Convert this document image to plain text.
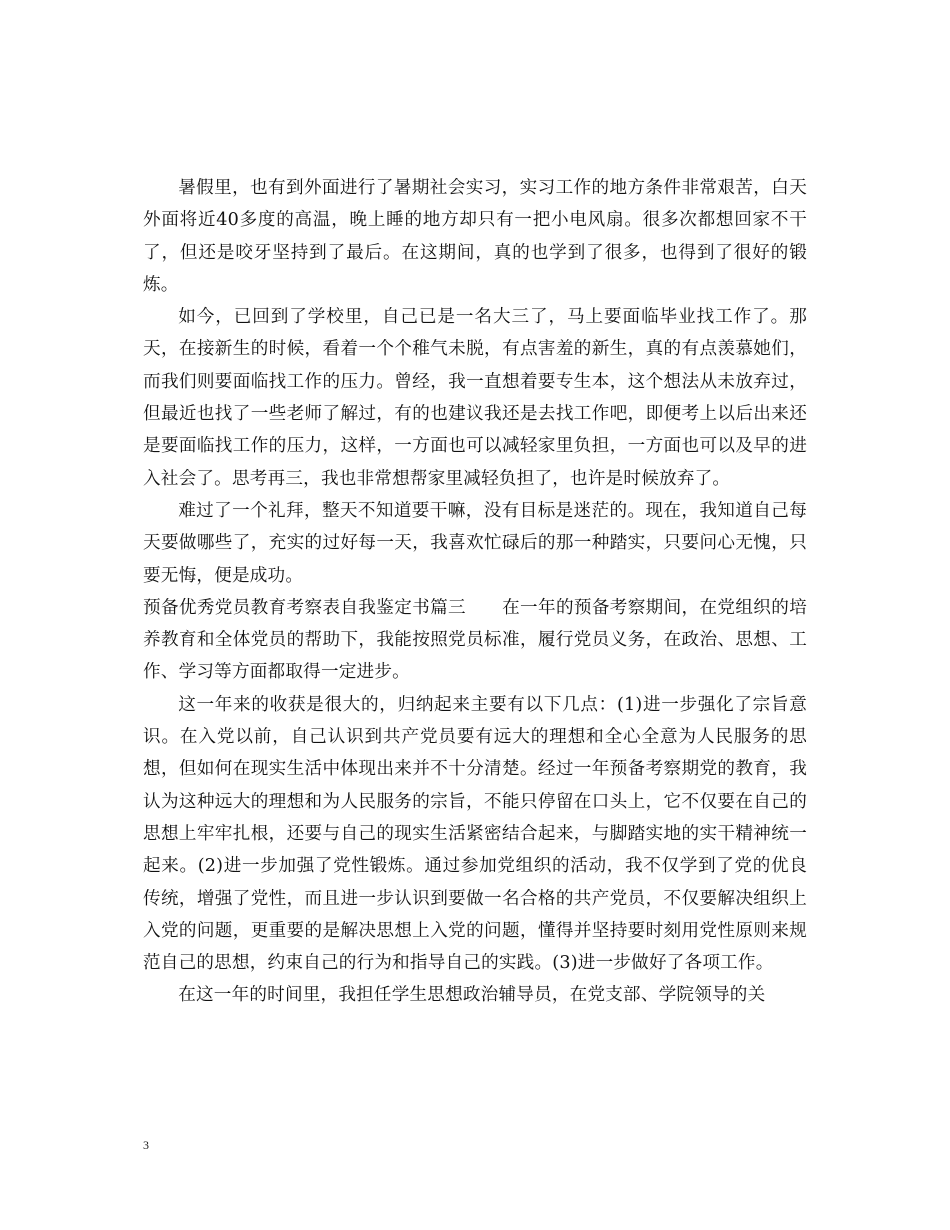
暑假里，也有到外面进行了暑期社会实习，实习工作的地方条件非常艰苦，白天外面将近40多度的高温，晚上睡的地方却只有一把小电风扇。很多次都想回家不干了，但还是咬牙坚持到了最后。在这期间，真的也学到了很多，也得到了很好的锻炼。

如今，已回到了学校里，自己已是一名大三了，马上要面临毕业找工作了。那天，在接新生的时候，看着一个个稚气未脱，有点害羞的新生，真的有点羡慕她们，而我们则要面临找工作的压力。曾经，我一直想着要专生本，这个想法从未放弃过，但最近也找了一些老师了解过，有的也建议我还是去找工作吧，即便考上以后出来还是要面临找工作的压力，这样，一方面也可以减轻家里负担，一方面也可以及早的进入社会了。思考再三，我也非常想帮家里减轻负担了，也许是时候放弃了。

难过了一个礼拜，整天不知道要干嘛，没有目标是迷茫的。现在，我知道自己每天要做哪些了，充实的过好每一天，我喜欢忙碌后的那一种踏实，只要问心无愧，只要无悔，便是成功。

预备优秀党员教育考察表自我鉴定书篇三 在一年的预备考察期间，在党组织的培养教育和全体党员的帮助下，我能按照党员标准，履行党员义务，在政治、思想、工作、学习等方面都取得一定进步。

这一年来的收获是很大的，归纳起来主要有以下几点：(1)进一步强化了宗旨意识。在入党以前，自己认识到共产党员要有远大的理想和全心全意为人民服务的思想，但如何在现实生活中体现出来并不十分清楚。经过一年预备考察期党的教育，我认为这种远大的理想和为人民服务的宗旨，不能只停留在口头上，它不仅要在自己的思想上牢牢扎根，还要与自己的现实生活紧密结合起来，与脚踏实地的实干精神统一起来。(2)进一步加强了党性锻炼。通过参加党组织的活动，我不仅学到了党的优良传统，增强了党性，而且进一步认识到要做一名合格的共产党员，不仅要解决组织上入党的问题，更重要的是解决思想上入党的问题，懂得并坚持要时刻用党性原则来规范自己的思想，约束自己的行为和指导自己的实践。(3)进一步做好了各项工作。

在这一年的时间里，我担任学生思想政治辅导员，在党支部、学院领导的关

3
